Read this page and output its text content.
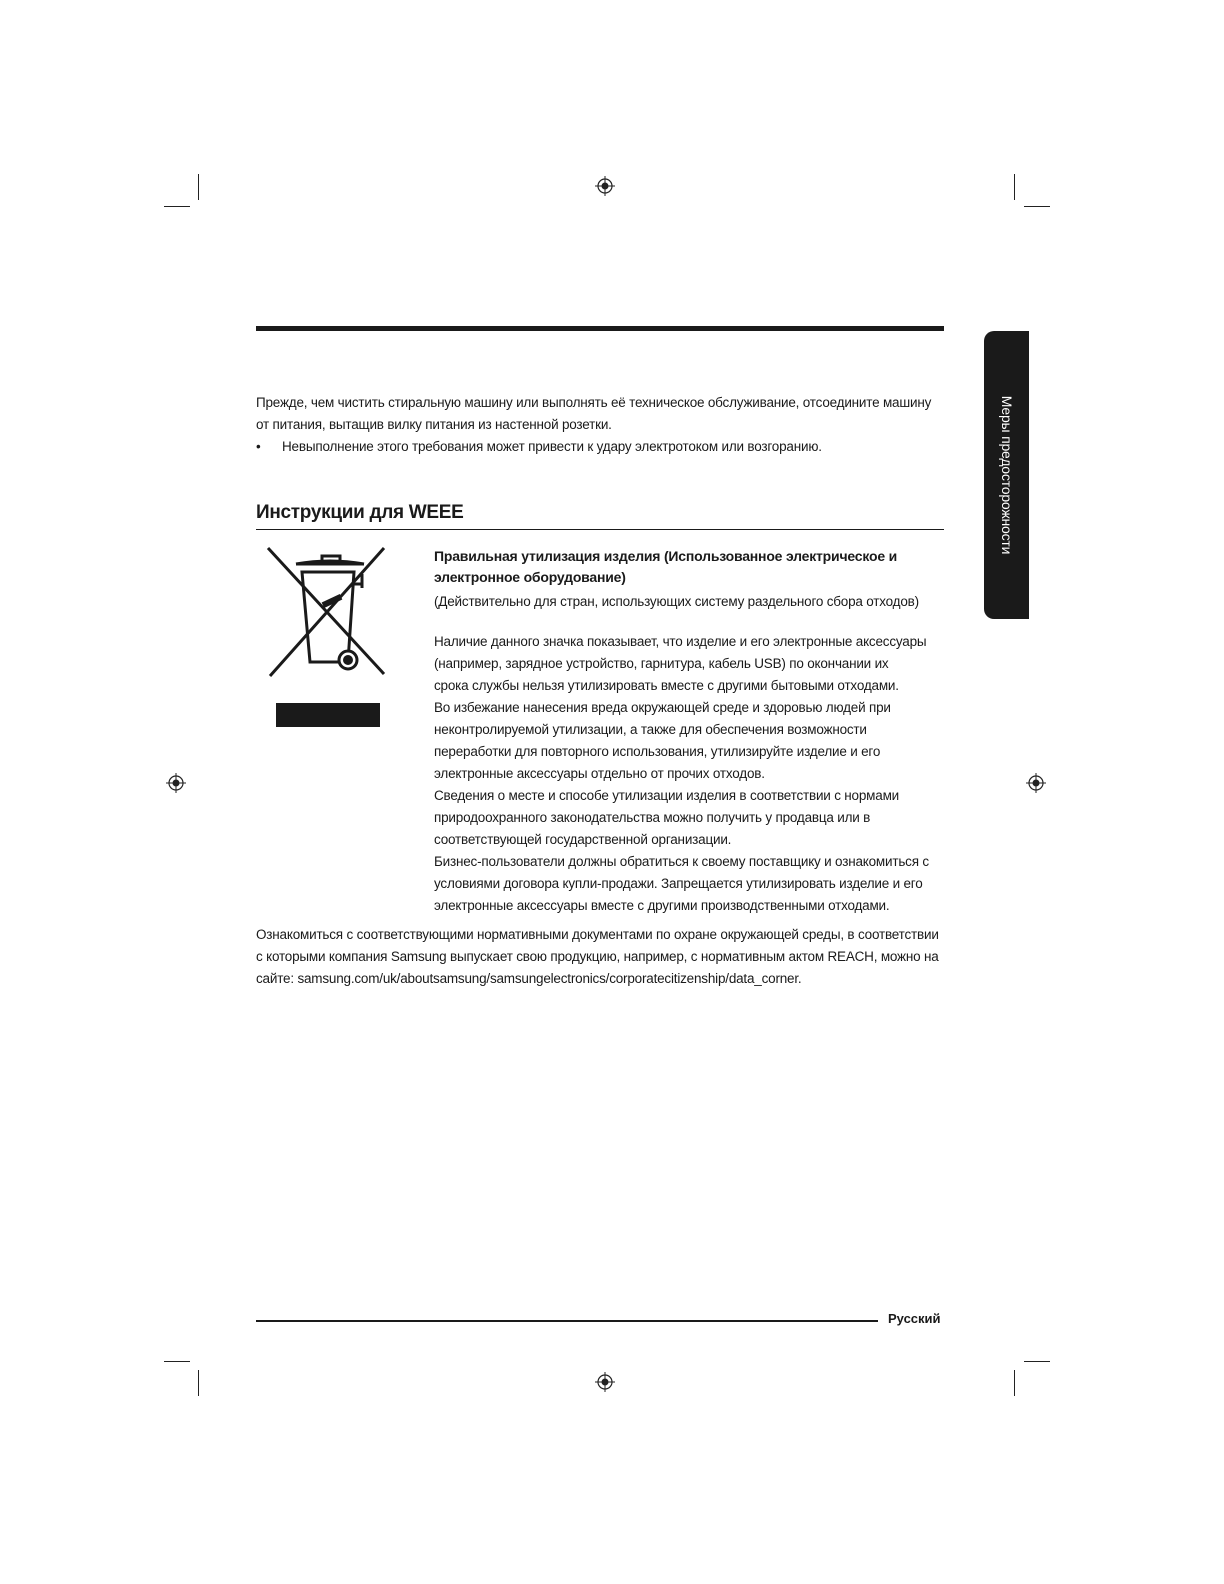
Прежде, чем чистить стиральную машину или выполнять её техническое обслуживание, отсоедините машину от питания, вытащив вилку питания из настенной розетки.
•	Невыполнение этого требования может привести к удару электротоком или возгоранию.
Инструкции для WEEE
Правильная утилизация изделия (Использованное электрическое и электронное оборудование)
(Действительно для стран, использующих систему раздельного сбора отходов)
Наличие данного значка показывает, что изделие и его электронные аксессуары
(например, зарядное устройство, гарнитура, кабель USB) по окончании их
срока службы нельзя утилизировать вместе с другими бытовыми отходами.
Во избежание нанесения вреда окружающей среде и здоровью людей при
неконтролируемой утилизации, а также для обеспечения возможности
переработки для повторного использования, утилизируйте изделие и его
электронные аксессуары отдельно от прочих отходов.
Сведения о месте и способе утилизации изделия в соответствии с нормами
природоохранного законодательства можно получить у продавца или в
соответствующей государственной организации.
Бизнес-пользователи должны обратиться к своему поставщику и ознакомиться с
условиями договора купли-продажи. Запрещается утилизировать изделие и его
электронные аксессуары вместе с другими производственными отходами.
Ознакомиться с соответствующими нормативными документами по охране окружающей среды, в соответствии с которыми компания Samsung выпускает свою продукцию, например, с нормативным актом REACH, можно на сайте: samsung.com/uk/aboutsamsung/samsungelectronics/corporatecitizenship/data_corner.
Меры предосторожности
Русский
